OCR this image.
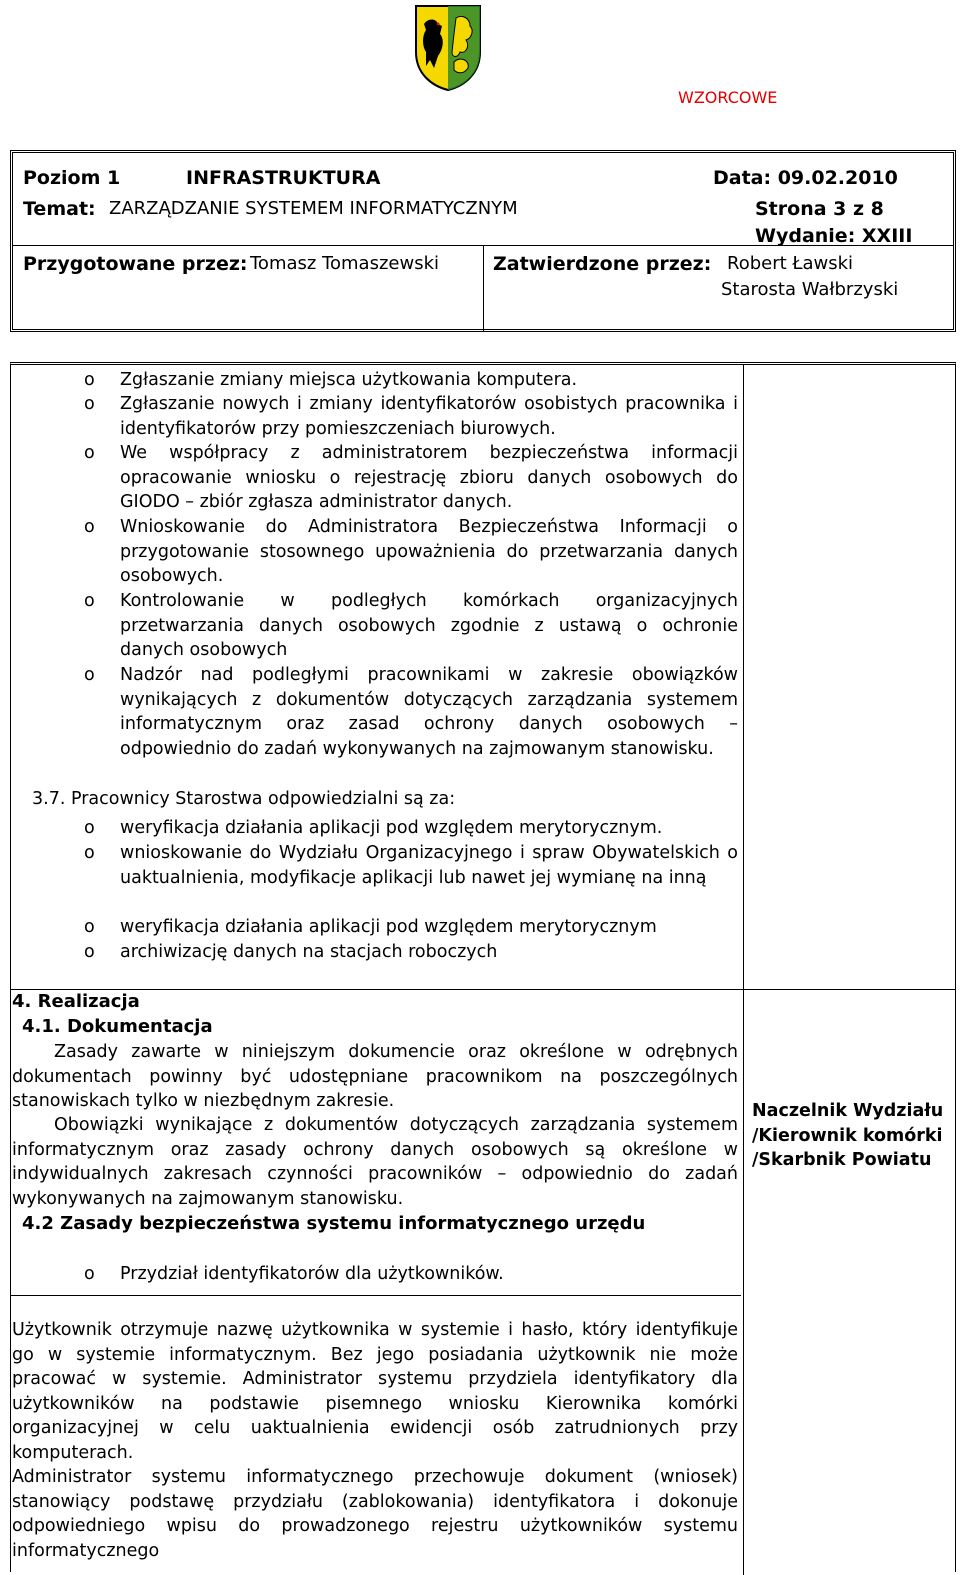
WZORCOWE
Poziom 1	INFRASTRUKTURA	Data: 09.02.2010
Temat: ZARZĄDZANIE SYSTEMEM INFORMATYCZNYM	Strona 3 z 8
Wydanie: XXIII
Przygotowane przez: Tomasz Tomaszewski	Zatwierdzone przez: Robert Ławski
Starosta Wałbrzyski
o Zgłaszanie zmiany miejsca użytkowania komputera.
o Zgłaszanie nowych i zmiany identyfikatorów osobistych pracownika i identyfikatorów przy pomieszczeniach biurowych.
o We współpracy z administratorem bezpieczeństwa informacji opracowanie wniosku o rejestrację zbioru danych osobowych do GIODO – zbiór zgłasza administrator danych.
o Wnioskowanie do Administratora Bezpieczeństwa Informacji o przygotowanie stosownego upoważnienia do przetwarzania danych osobowych.
o Kontrolowanie w podległych komórkach organizacyjnych przetwarzania danych osobowych zgodnie z ustawą o ochronie danych osobowych
o Nadzór nad podległymi pracownikami w zakresie obowiązków wynikających z dokumentów dotyczących zarządzania systemem informatycznym oraz zasad ochrony danych osobowych – odpowiednio do zadań wykonywanych na zajmowanym stanowisku.
3.7. Pracownicy Starostwa odpowiedzialni są za:
o weryfikacja działania aplikacji pod względem merytorycznym.
o wnioskowanie do Wydziału Organizacyjnego i spraw Obywatelskich o uaktualnienia, modyfikacje aplikacji lub nawet jej wymianę na inną
o weryfikacja działania aplikacji pod względem merytorycznym
o archiwizację danych na stacjach roboczych
4. Realizacja
4.1. Dokumentacja
Zasady zawarte w niniejszym dokumencie oraz określone w odrębnych dokumentach powinny być udostępniane pracownikom na poszczególnych stanowiskach tylko w niezbędnym zakresie.
Obowiązki wynikające z dokumentów dotyczących zarządzania systemem informatycznym oraz zasady ochrony danych osobowych są określone w indywidualnych zakresach czynności pracowników – odpowiednio do zadań wykonywanych na zajmowanym stanowisku.
4.2 Zasady bezpieczeństwa systemu informatycznego urzędu
Naczelnik Wydziału /Kierownik komórki /Skarbnik Powiatu
o Przydział identyfikatorów dla użytkowników.
Użytkownik otrzymuje nazwę użytkownika w systemie i hasło, który identyfikuje go w systemie informatycznym. Bez jego posiadania użytkownik nie może pracować w systemie. Administrator systemu przydziela identyfikatory dla użytkowników na podstawie pisemnego wniosku Kierownika komórki organizacyjnej w celu uaktualnienia ewidencji osób zatrudnionych przy komputerach.
Administrator systemu informatycznego przechowuje dokument (wniosek) stanowiący podstawę przydziału (zablokowania) identyfikatora i dokonuje odpowiedniego wpisu do prowadzonego rejestru użytkowników systemu informatycznego
